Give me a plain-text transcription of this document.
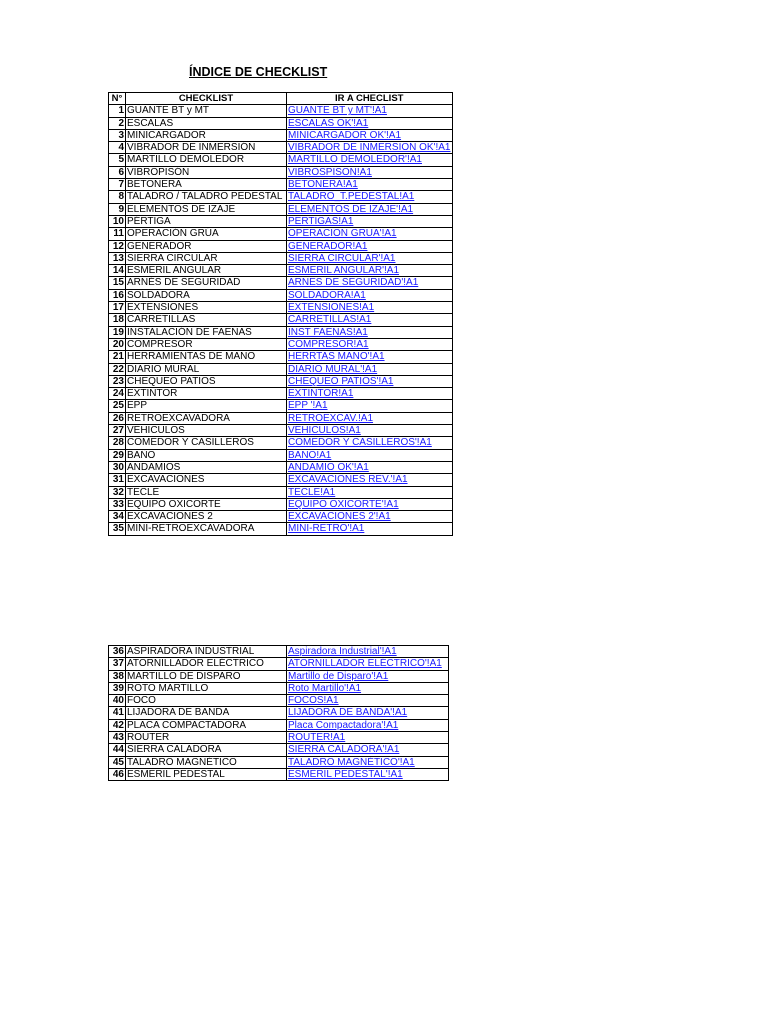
ÍNDICE DE CHECKLIST
N°	CHECKLIST	IR A CHECLIST
1	GUANTE BT y MT	GUANTE BT y MT'!A1
2	ESCALAS	ESCALAS OK'!A1
3	MINICARGADOR	MINICARGADOR OK'!A1
4	VIBRADOR DE INMERSIÓN	VIBRADOR DE INMERSION OK'!A1
5	MARTILLO DEMOLEDOR	MARTILLO DEMOLEDOR'!A1
6	VIBROPISÓN	VIBROSPISON!A1
7	BETONERA	BETONERA!A1
8	TALADRO / TALADRO PEDESTAL	TALADRO_T.PEDESTAL!A1
9	ELEMENTOS DE IZAJE	ELEMENTOS DE IZAJE'!A1
10	PÉRTIGA	PERTIGAS!A1
11	OPERACIÓN GRÚA	OPERACION GRUA'!A1
12	GENERADOR	GENERADOR!A1
13	SIERRA CIRCULAR	SIERRA CIRCULAR'!A1
14	ESMERIL ANGULAR	ESMERIL ANGULAR'!A1
15	ARNÉS DE SEGURIDAD	ARNES DE SEGURIDAD'!A1
16	SOLDADORA	SOLDADORA!A1
17	EXTENSIONES	EXTENSIONES!A1
18	CARRETILLAS	CARRETILLAS!A1
19	INSTALACIÓN DE FAENAS	INST FAENAS!A1
20	COMPRESOR	COMPRESOR!A1
21	HERRAMIENTAS DE MANO	HERRTAS MANO'!A1
22	DIARIO MURAL	DIARIO MURAL'!A1
23	CHEQUEO PATIOS	CHEQUEO PATIOS'!A1
24	EXTINTOR	EXTINTOR!A1
25	EPP	EPP '!A1
26	RETROEXCAVADORA	RETROEXCAV.!A1
27	VEHICULOS	VEHICULOS!A1
28	COMEDOR Y CASILLEROS	COMEDOR Y CASILLEROS'!A1
29	BAÑO	BANO!A1
30	ANDAMIOS	ANDAMIO OK'!A1
31	EXCAVACIONES	EXCAVACIONES REV.'!A1
32	TECLE	TECLE!A1
33	EQUIPO OXICORTE	EQUIPO OXICORTE'!A1
34	EXCAVACIONES 2	EXCAVACIONES 2'!A1
35	MINI-RETROEXCAVADORA	MINI-RETRO'!A1
36	ASPIRADORA INDUSTRIAL	Aspiradora Industrial'!A1
37	ATORNILLADOR ELÉCTRICO	ATORNILLADOR ELÉCTRICO'!A1
38	MARTILLO DE DISPARO	Martillo de Disparo'!A1
39	ROTO MARTILLO	Roto Martillo'!A1
40	FOCO	FOCOS!A1
41	LIJADORA DE BANDA	LIJADORA DE BANDA'!A1
42	PLACA COMPACTADORA	Placa Compactadora'!A1
43	ROUTER	ROUTER!A1
44	SIERRA CALADORA	SIERRA CALADORA'!A1
45	TALADRO MAGNÉTICO	TALADRO MAGNÉTICO'!A1
46	ESMERIL PEDESTAL	ESMERIL PEDESTAL'!A1
